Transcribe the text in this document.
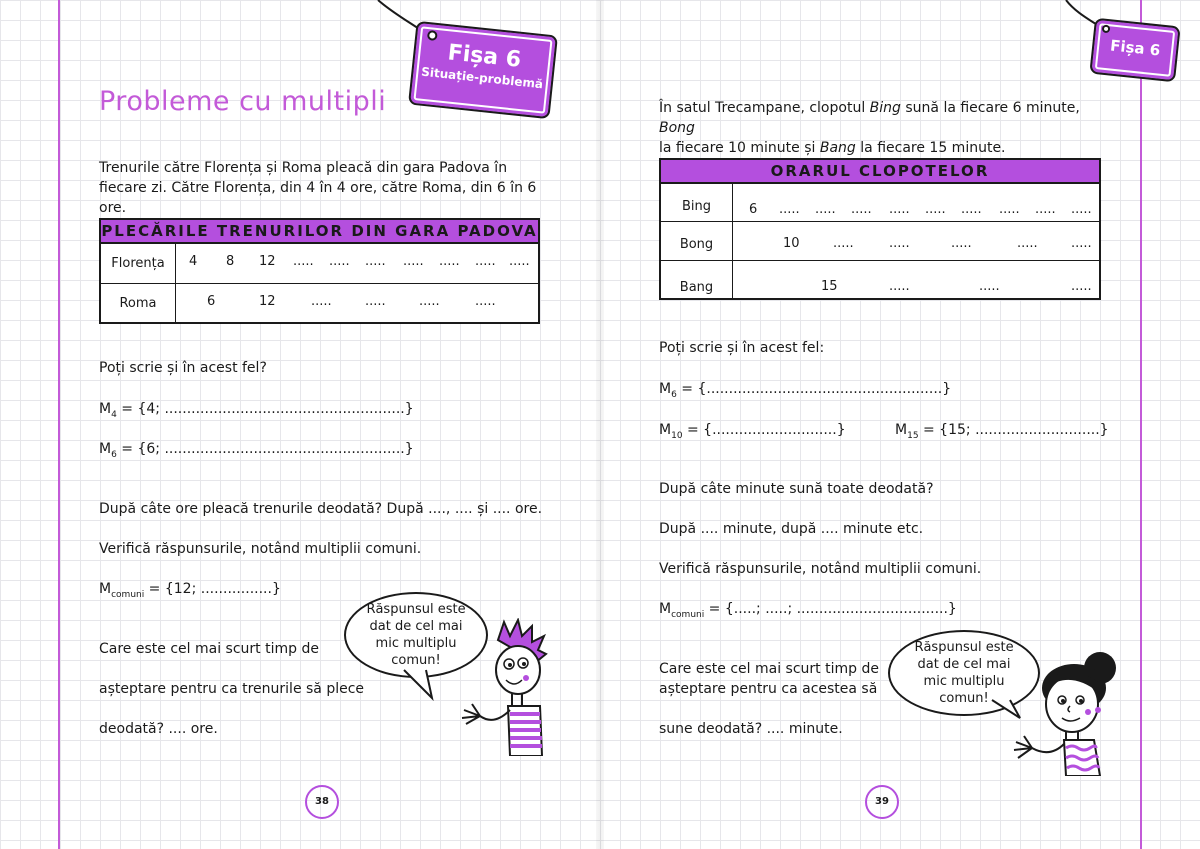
Fișa 6
Situație-problemă
Probleme cu multipli
Trenurile către Florența și Roma pleacă din gara Padova în fiecare zi. Către Florența, din 4 în 4 ore, către Roma, din 6 în 6 ore.
PLECĂRILE TRENURILOR DIN GARA PADOVA
Florența	4 8 12 ..... ..... ..... ..... ..... ..... .....
Roma	6	12	.....	.....	.....	.....
Poți scrie și în acest fel?
$M_4 = \{4$; ......................................................}
$M_6 = \{6$; ......................................................}
După câte ore pleacă trenurile deodată? După ...., .... și .... ore.
Verifică răspunsurile, notând multiplii comuni.
$M_{comuni} = \{12$; ................}
Care este cel mai scurt timp de
așteptare pentru ca trenurile să plece
deodată? .... ore.
Răspunsul este dat de cel mai mic multiplu comun!
38
Fișa 6
În satul Trecampane, clopotul Bing sună la fiecare 6 minute, Bong
la fiecare 10 minute și Bang la fiecare 15 minute.
ORARUL CLOPOTELOR
Bing	6 ..... ..... ..... ..... ..... ..... ..... ..... .....
Bong	10	.....	.....	.....	.....	.....
Bang	15	.....	.....	.....
Poți scrie și în acest fel:
$M_6$ = {.....................................................}
$M_{10}$ = {............................}	$M_{15} = \{15$; ............................}
După câte minute sună toate deodată?
După .... minute, după .... minute etc.
Verifică răspunsurile, notând multiplii comuni.
$M_{comuni}$ = {.....; .....; ..................................}
Care este cel mai scurt timp de
așteptare pentru ca acestea să
sune deodată? .... minute.
Răspunsul este dat de cel mai mic multiplu comun!
39
